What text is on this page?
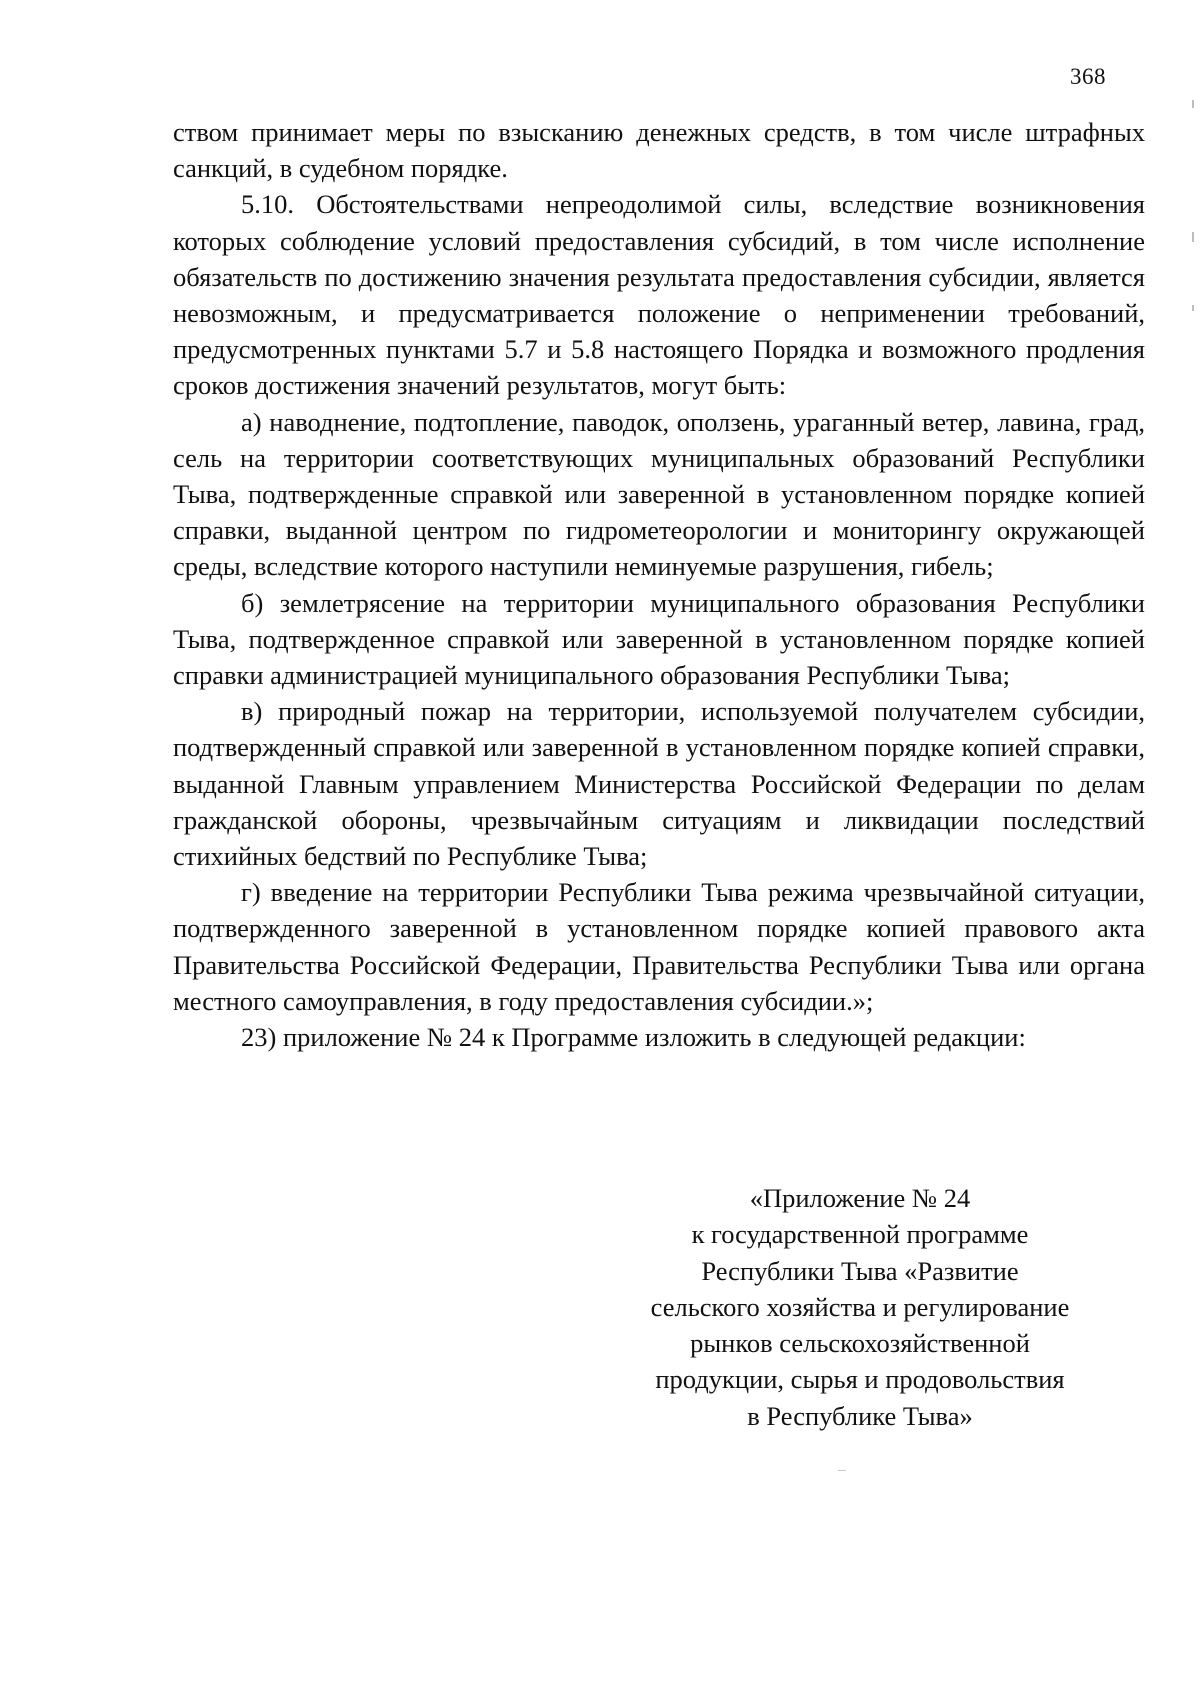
368

ством принимает меры по взысканию денежных средств, в том числе штрафных санкций, в судебном порядке.

5.10. Обстоятельствами непреодолимой силы, вследствие возникновения которых соблюдение условий предоставления субсидий, в том числе исполнение обязательств по достижению значения результата предоставления субсидии, является невозможным, и предусматривается положение о неприменении требований, предусмотренных пунктами 5.7 и 5.8 настоящего Порядка и возможного продления сроков достижения значений результатов, могут быть:

а) наводнение, подтопление, паводок, оползень, ураганный ветер, лавина, град, сель на территории соответствующих муниципальных образований Республики Тыва, подтвержденные справкой или заверенной в установленном порядке копией справки, выданной центром по гидрометеорологии и мониторингу окружающей среды, вследствие которого наступили неминуемые разрушения, гибель;

б) землетрясение на территории муниципального образования Республики Тыва, подтвержденное справкой или заверенной в установленном порядке копией справки администрацией муниципального образования Республики Тыва;

в) природный пожар на территории, используемой получателем субсидии, подтвержденный справкой или заверенной в установленном порядке копией справки, выданной Главным управлением Министерства Российской Федерации по делам гражданской обороны, чрезвычайным ситуациям и ликвидации последствий стихийных бедствий по Республике Тыва;

г) введение на территории Республики Тыва режима чрезвычайной ситуации, подтвержденного заверенной в установленном порядке копией правового акта Правительства Российской Федерации, Правительства Республики Тыва или органа местного самоуправления, в году предоставления субсидии.»;

23) приложение № 24 к Программе изложить в следующей редакции:

«Приложение № 24
к государственной программе
Республики Тыва «Развитие
сельского хозяйства и регулирование
рынков сельскохозяйственной
продукции, сырья и продовольствия
в Республике Тыва»
